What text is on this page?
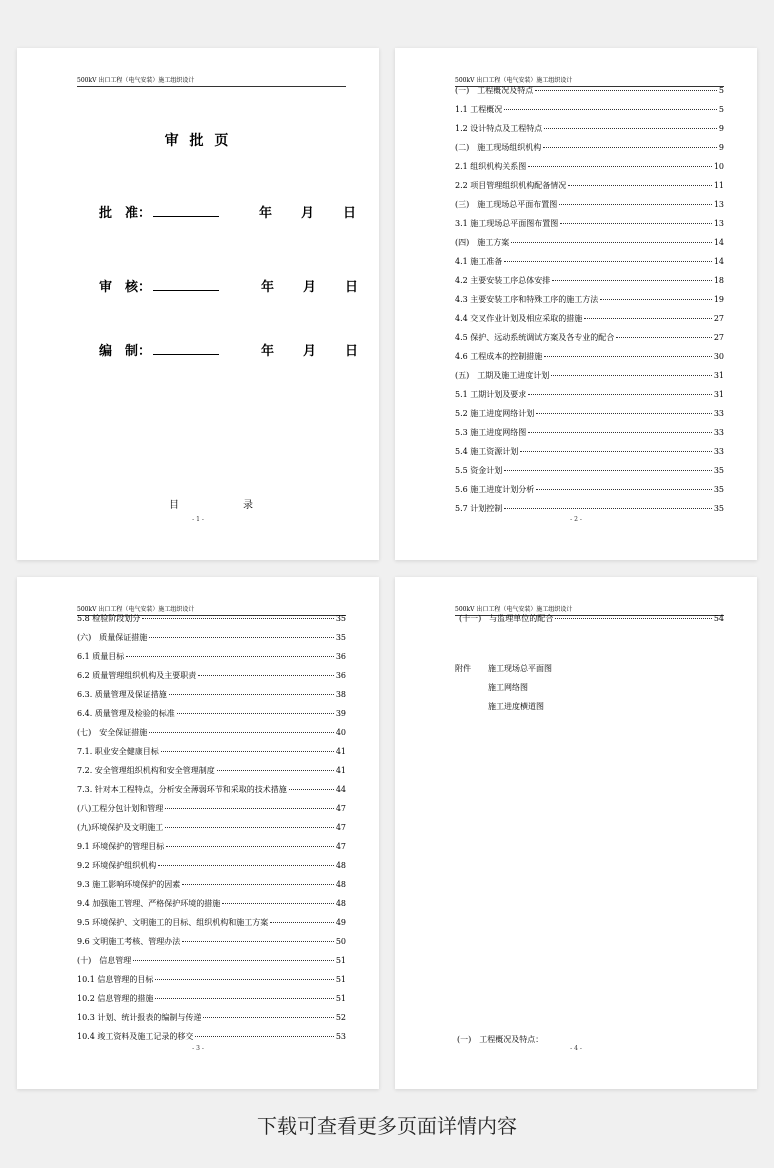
500kV 出口工程（电气安装）施工组织设计
审 批 页
批　准：	年　月　日
审　核：	年　月　日
编　制：	年　月　日
目	录
- 1 -
500kV 出口工程（电气安装）施工组织设计
(一)　工程概况及特点	5
1.1 工程概况	5
1.2 设计特点及工程特点	9
(二)　施工现场组织机构	9
2.1 组织机构关系图	10
2.2 项目管理组织机构配备情况	11
(三)　施工现场总平面布置图	13
3.1 施工现场总平面图布置图	13
(四)　施工方案	14
4.1 施工准备	14
4.2 主要安装工序总体安排	18
4.3 主要安装工序和特殊工序的施工方法	19
4.4 交叉作业计划及相应采取的措施	27
4.5 保护、远动系统调试方案及各专业的配合	27
4.6 工程成本的控制措施	30
(五)　工期及施工进度计划	31
5.1 工期计划及要求	31
5.2 施工进度网络计划	33
5.3 施工进度网络图	33
5.4 施工资源计划	33
5.5 资金计划	35
5.6 施工进度计划分析	35
5.7 计划控制	35
- 2 -
500kV 出口工程（电气安装）施工组织设计
5.8 检验阶段划分	35
(六)　质量保证措施	35
6.1 质量目标	36
6.2 质量管理组织机构及主要职责	36
6.3. 质量管理及保证措施	38
6.4. 质量管理及检验的标准	39
(七)　安全保证措施	40
7.1. 职业安全健康目标	41
7.2. 安全管理组织机构和安全管理制度	41
7.3. 针对本工程特点，分析安全薄弱环节和采取的技术措施	44
(八)工程分包计划和管理	47
(九)环境保护及文明施工	47
9.1 环境保护的管理目标	47
9.2 环境保护组织机构	48
9.3 施工影响环境保护的因素	48
9.4 加强施工管理、严格保护环境的措施	48
9.5 环境保护、文明施工的目标、组织机构和施工方案	49
9.6 文明施工考核、管理办法	50
(十)　信息管理	51
10.1 信息管理的目标	51
10.2 信息管理的措施	51
10.3 计划、统计报表的编制与传递	52
10.4 竣工资料及施工记录的移交	53
- 3 -
500kV 出口工程（电气安装）施工组织设计
(十一)　与监理单位的配合	54
附件 施工现场总平面图
施工网络图
施工进度横道图
(一)　工程概况及特点：
- 4 -
下载可查看更多页面详情内容
